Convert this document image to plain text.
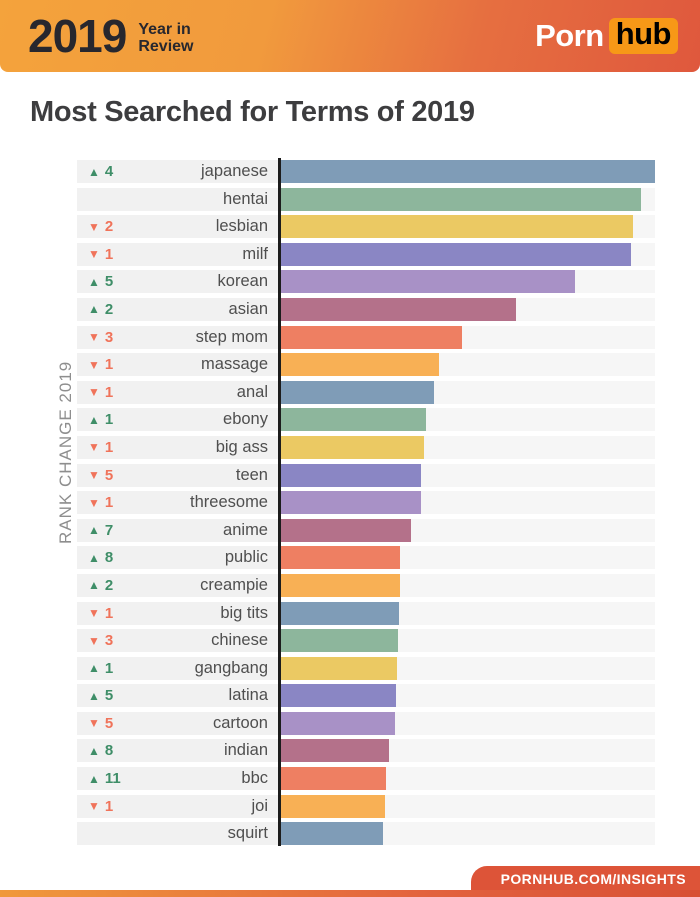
2019 Year in
Review	Porn hub
Most Searched for Terms of 2019
RANK CHANGE 2019
▲ 4	japanese
hentai
▼ 2	lesbian
▼ 1	milf
▲ 5	korean
▲ 2	asian
▼ 3	step mom
▼ 1	massage
▼ 1	anal
▲ 1	ebony
▼ 1	big ass
▼ 5	teen
▼ 1	threesome
▲ 7	anime
▲ 8	public
▲ 2	creampie
▼ 1	big tits
▼ 3	chinese
▲ 1	gangbang
▲ 5	latina
▼ 5	cartoon
▲ 8	indian
▲ 11	bbc
▼ 1	joi
squirt
PORNHUB.COM/INSIGHTS
